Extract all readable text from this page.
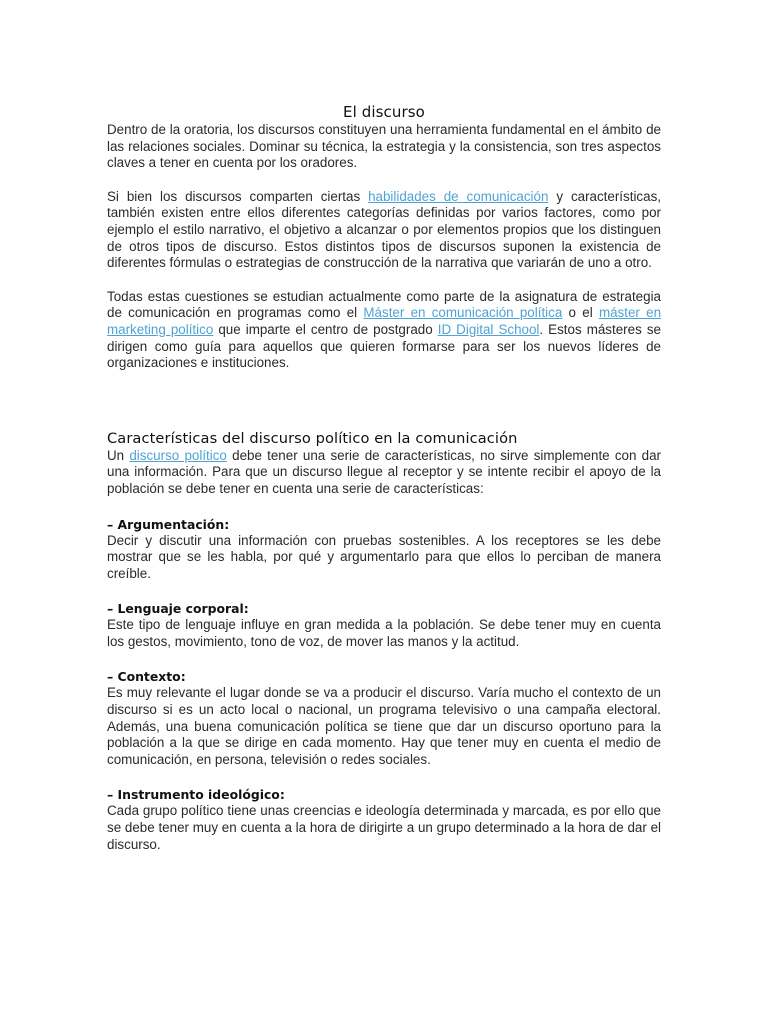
El discurso

Dentro de la oratoria, los discursos constituyen una herramienta fundamental en el ámbito de las relaciones sociales. Dominar su técnica, la estrategia y la consistencia, son tres aspectos claves a tener en cuenta por los oradores.

Si bien los discursos comparten ciertas habilidades de comunicación y características, también existen entre ellos diferentes categorías definidas por varios factores, como por ejemplo el estilo narrativo, el objetivo a alcanzar o por elementos propios que los distinguen de otros tipos de discurso. Estos distintos tipos de discursos suponen la existencia de diferentes fórmulas o estrategias de construcción de la narrativa que variarán de uno a otro.

Todas estas cuestiones se estudian actualmente como parte de la asignatura de estrategia de comunicación en programas como el Máster en comunicación política o el máster en marketing político que imparte el centro de postgrado ID Digital School. Estos másteres se dirigen como guía para aquellos que quieren formarse para ser los nuevos líderes de organizaciones e instituciones.

Características del discurso político en la comunicación

Un discurso político debe tener una serie de características, no sirve simplemente con dar una información. Para que un discurso llegue al receptor y se intente recibir el apoyo de la población se debe tener en cuenta una serie de características:

– Argumentación:

Decir y discutir una información con pruebas sostenibles. A los receptores se les debe mostrar que se les habla, por qué y argumentarlo para que ellos lo perciban de manera creíble.

– Lenguaje corporal:

Este tipo de lenguaje influye en gran medida a la población. Se debe tener muy en cuenta los gestos, movimiento, tono de voz, de mover las manos y la actitud.

– Contexto:

Es muy relevante el lugar donde se va a producir el discurso. Varía mucho el contexto de un discurso si es un acto local o nacional, un programa televisivo o una campaña electoral. Además, una buena comunicación política se tiene que dar un discurso oportuno para la población a la que se dirige en cada momento. Hay que tener muy en cuenta el medio de comunicación, en persona, televisión o redes sociales.

– Instrumento ideológico:

Cada grupo político tiene unas creencias e ideología determinada y marcada, es por ello que se debe tener muy en cuenta a la hora de dirigirte a un grupo determinado a la hora de dar el discurso.
